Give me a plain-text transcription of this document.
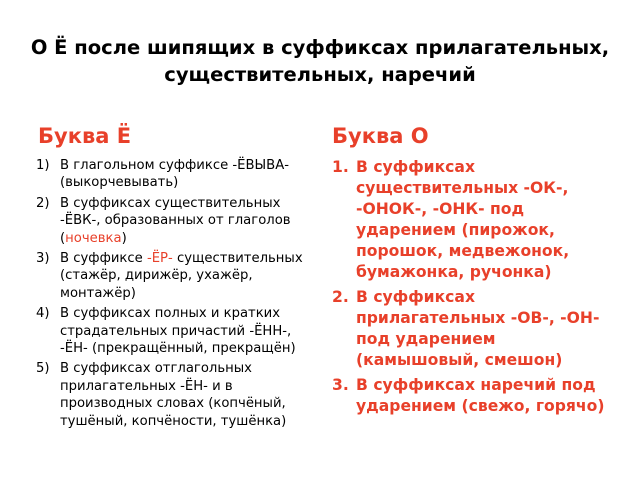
О Ё после шипящих в суффиксах прилагательных, существительных, наречий
Буква Ё	Буква О
1) В глагольном суффиксе -ЁВЫВА- (выкорчевывать)
2) В суффиксах существительных -ЁВК-, образованных от глаголов (ночевка)
3) В суффиксе -ЁР- существительных (стажёр, дирижёр, ухажёр, монтажёр)
4) В суффиксах полных и кратких страдательных причастий -ЁНН-, -ЁН- (прекращённый, прекращён)
5) В суффиксах отглагольных прилагательных -ЁН- и в производных словах (копчёный, тушёный, копчёности, тушёнка)
1. В суффиксах существительных -ОК-, -ОНОК-, -ОНК- под ударением (пирожок, порошок, медвежонок, бумажонка, ручонка)
2. В суффиксах прилагательных -ОВ-, -ОН- под ударением (камышовый, смешон)
3. В суффиксах наречий под ударением (свежо, горячо)
